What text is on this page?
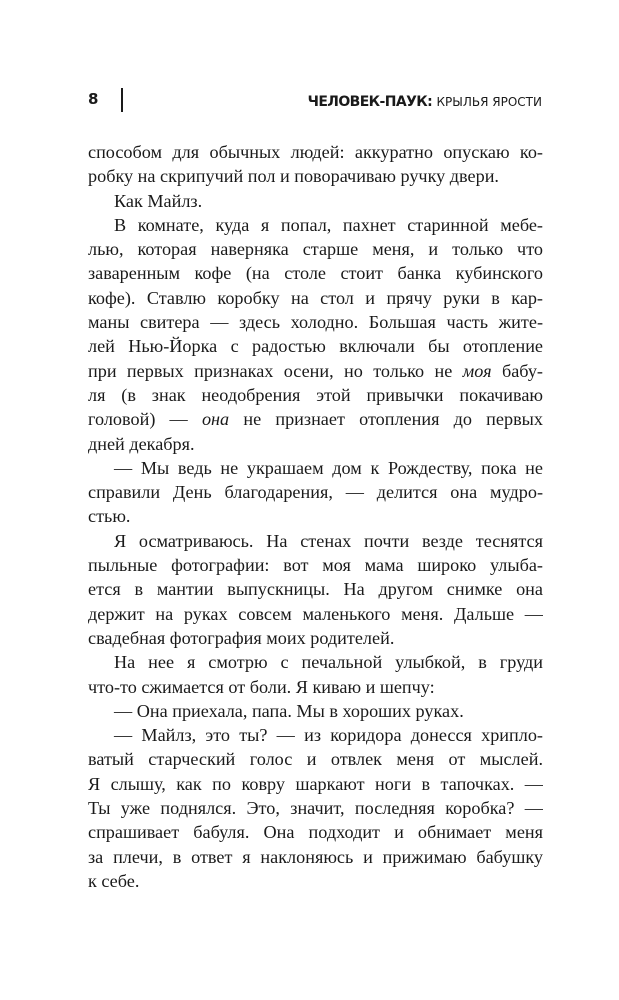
8	ЧЕЛОВЕК-ПАУК: КРЫЛЬЯ ЯРОСТИ
способом для обычных людей: аккуратно опускаю ко-
робку на скрипучий пол и поворачиваю ручку двери.
Как Майлз.
В комнате, куда я попал, пахнет старинной мебе-
лью, которая наверняка старше меня, и только что
заваренным кофе (на столе стоит банка кубинского
кофе). Ставлю коробку на стол и прячу руки в кар-
маны свитера — здесь холодно. Большая часть жите-
лей Нью-Йорка с радостью включали бы отопление
при первых признаках осени, но только не моя бабу-
ля (в знак неодобрения этой привычки покачиваю
головой) — она не признает отопления до первых
дней декабря.
— Мы ведь не украшаем дом к Рождеству, пока не
справили День благодарения, — делится она мудро-
стью.
Я осматриваюсь. На стенах почти везде теснятся
пыльные фотографии: вот моя мама широко улыба-
ется в мантии выпускницы. На другом снимке она
держит на руках совсем маленького меня. Дальше —
свадебная фотография моих родителей.
На нее я смотрю с печальной улыбкой, в груди
что-то сжимается от боли. Я киваю и шепчу:
— Она приехала, папа. Мы в хороших руках.
— Майлз, это ты? — из коридора донесся хрипло-
ватый старческий голос и отвлек меня от мыслей.
Я слышу, как по ковру шаркают ноги в тапочках. —
Ты уже поднялся. Это, значит, последняя коробка? —
спрашивает бабуля. Она подходит и обнимает меня
за плечи, в ответ я наклоняюсь и прижимаю бабушку
к себе.
